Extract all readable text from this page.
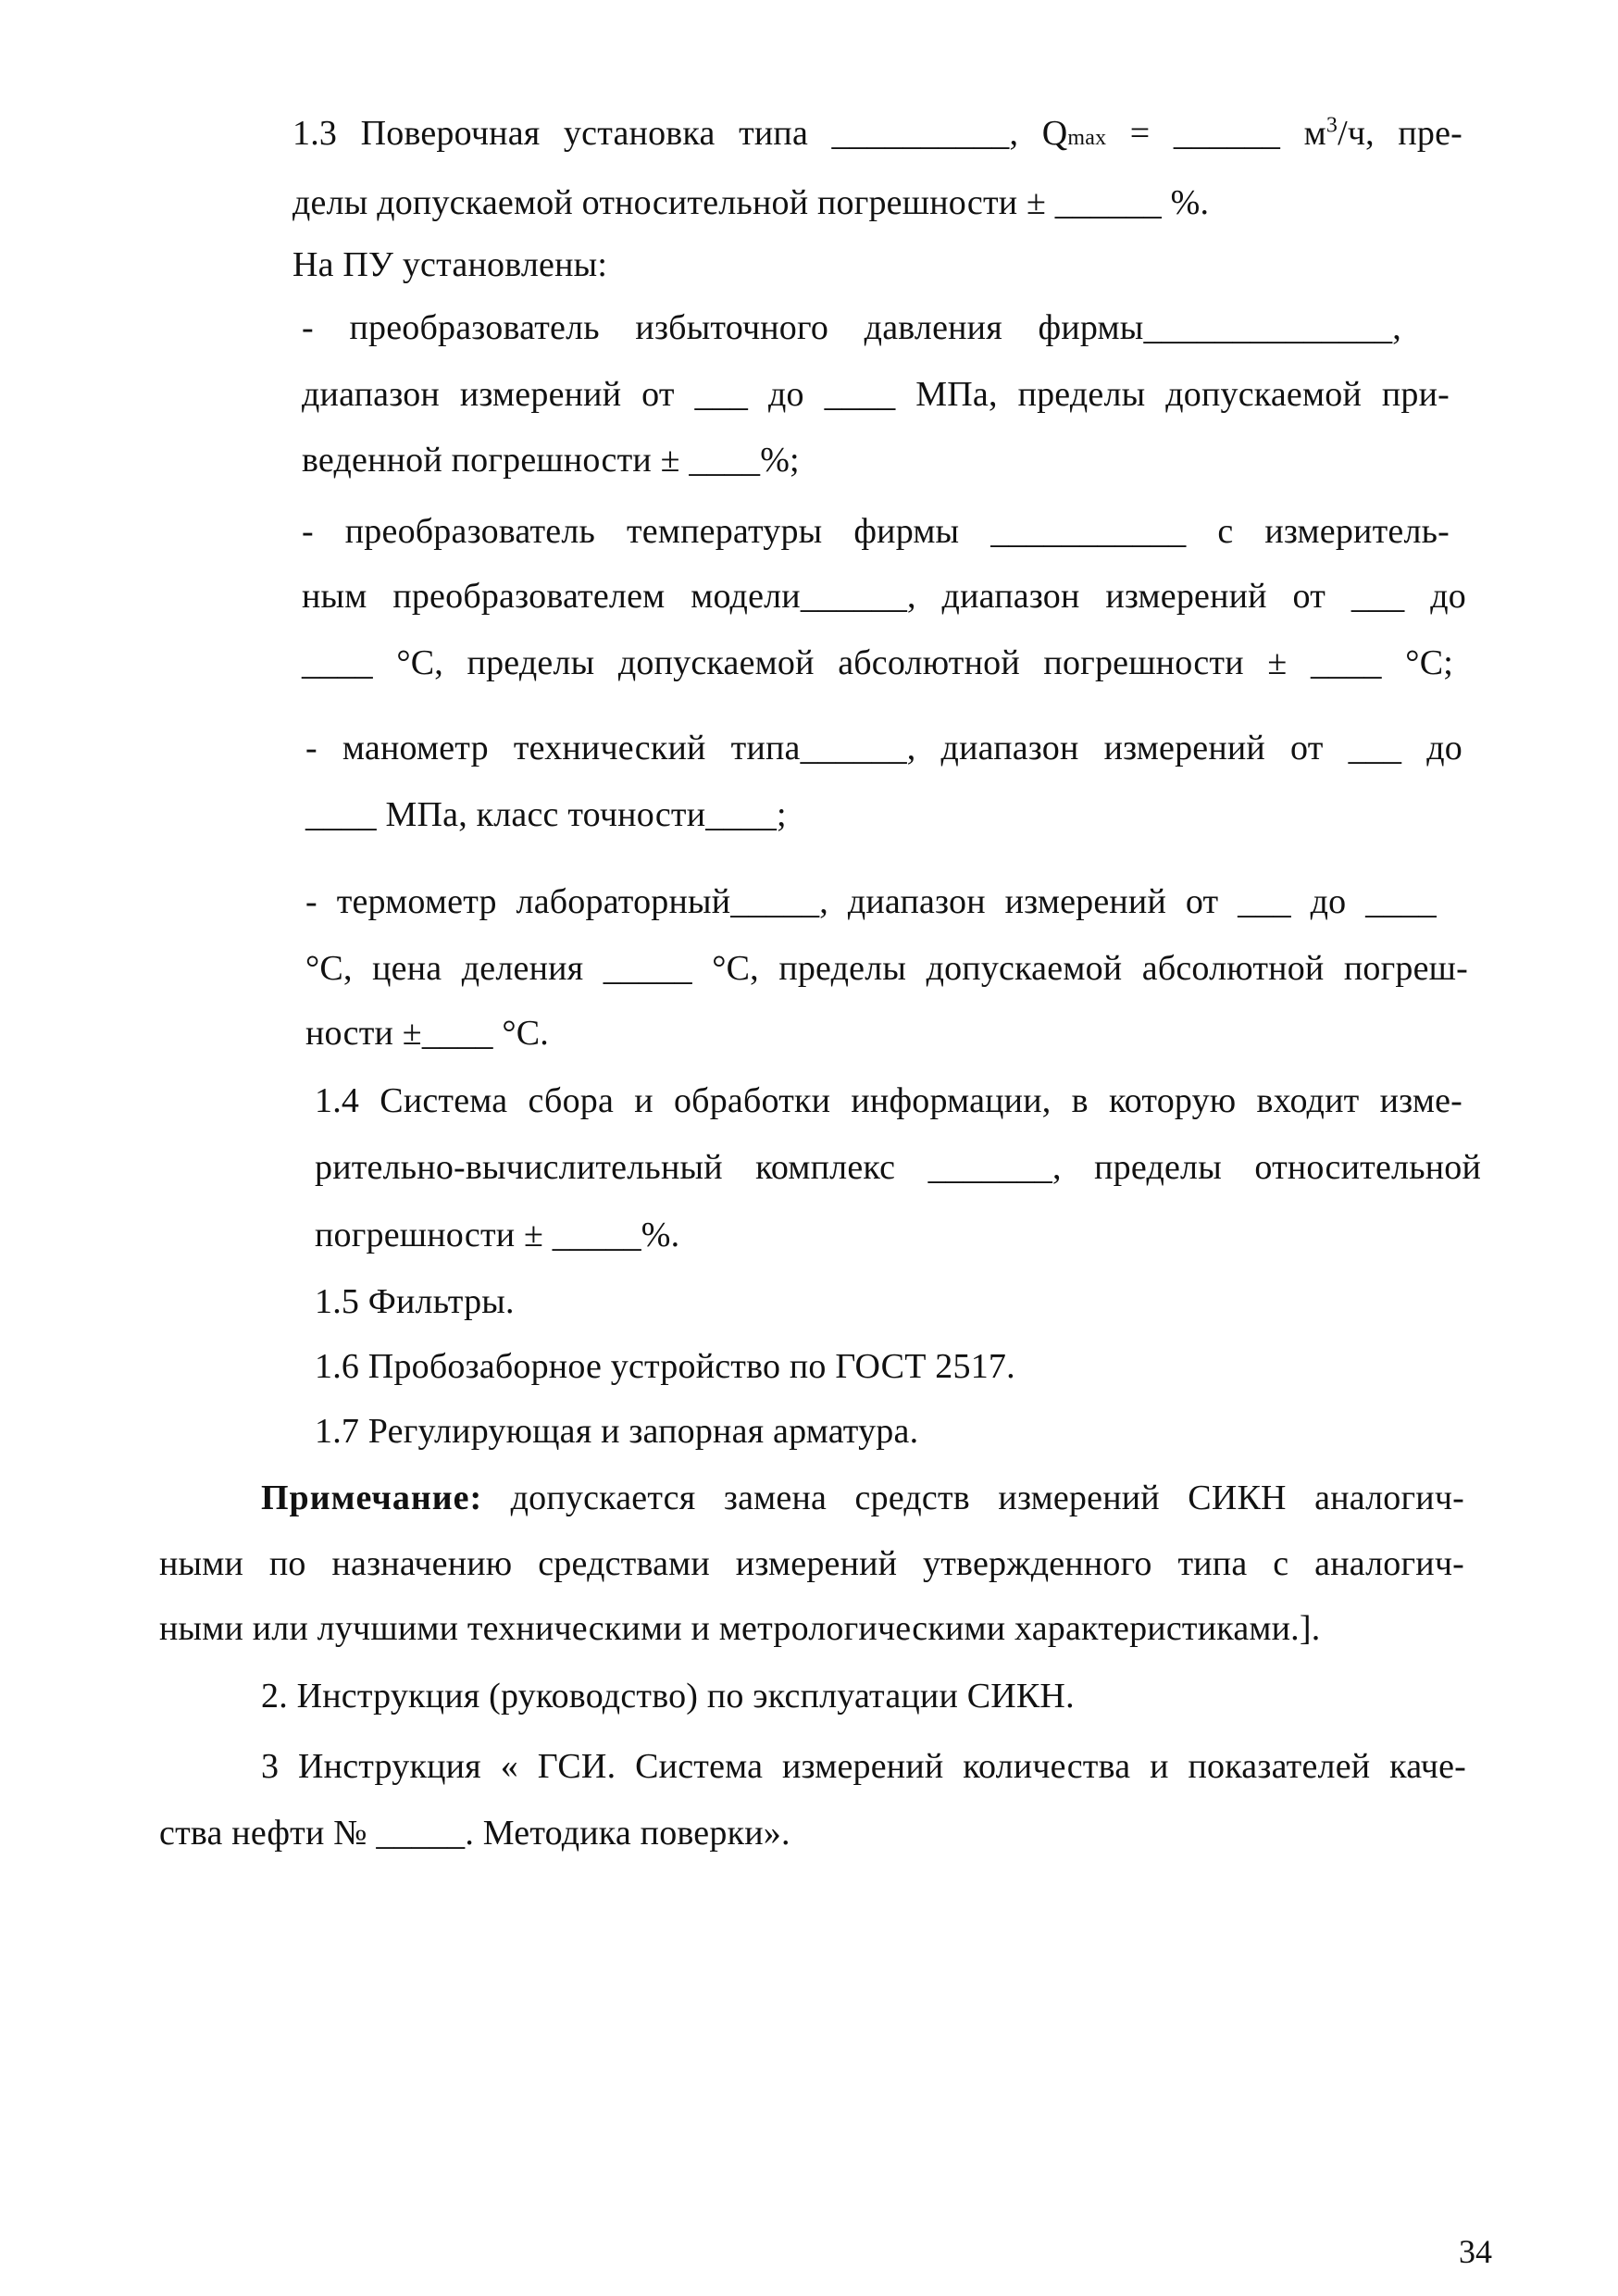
1.3 Поверочная установка типа __________, Qmax = ______ $м^3/ч$, пре-
делы допускаемой относительной погрешности ± ______ %.
На ПУ установлены:
- преобразователь избыточного давления фирмы______________,
диапазон измерений от ___ до ____ МПа, пределы допускаемой при-
веденной погрешности ± ____%;
- преобразователь температуры фирмы ___________ с измеритель-
ным преобразователем модели______, диапазон измерений от ___ до
____ °С, пределы допускаемой абсолютной погрешности ± ____ °С;
- манометр технический типа______, диапазон измерений от ___ до
____ МПа, класс точности____;
- термометр лабораторный_____, диапазон измерений от ___ до ____
°С, цена деления _____ °С, пределы допускаемой абсолютной погреш-
ности ±____ °С.
1.4 Система сбора и обработки информации, в которую входит изме-
рительно-вычислительный комплекс _______, пределы относительной
погрешности ± _____%.
1.5 Фильтры.
1.6 Пробозаборное устройство по ГОСТ 2517.
1.7 Регулирующая и запорная арматура.
Примечание: допускается замена средств измерений СИКН аналогич-
ными по назначению средствами измерений утвержденного типа с аналогич-
ными или лучшими техническими и метрологическими характеристиками.].
2. Инструкция (руководство) по эксплуатации СИКН.
3 Инструкция « ГСИ. Система измерений количества и показателей каче-
ства нефти № _____. Методика поверки».
34
